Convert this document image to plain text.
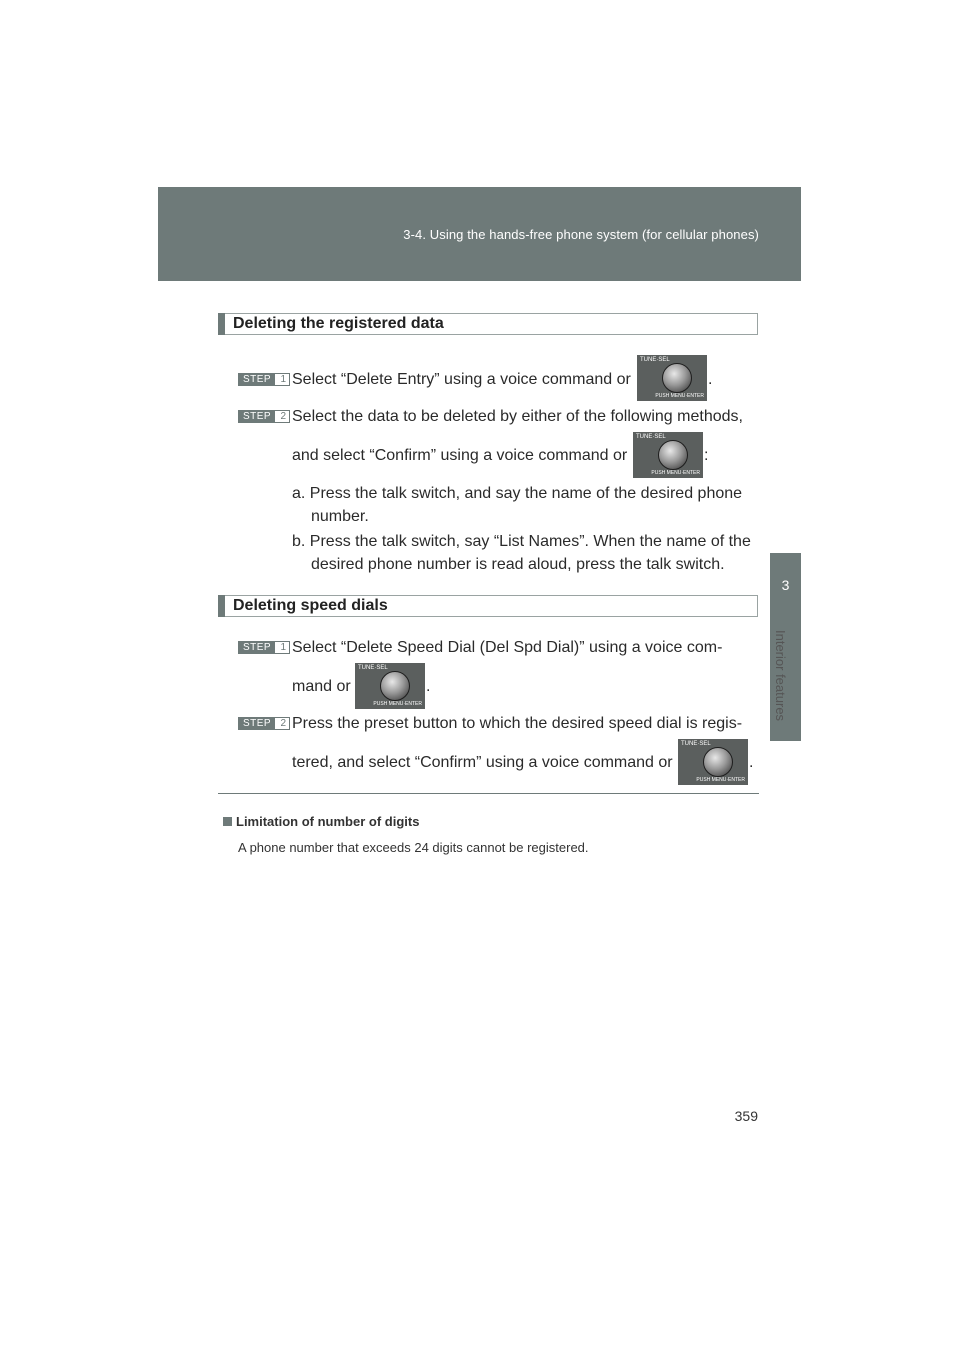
3-4. Using the hands-free phone system (for cellular phones)
3
Interior features
Deleting the registered data
STEP 1 Select “Delete Entry” using a voice command or
TUNE·SEL
PUSH MENU·ENTER
.
STEP 2 Select the data to be deleted by either of the following methods,
and select “Confirm” using a voice command or
TUNE·SEL
PUSH MENU·ENTER
:
a. Press the talk switch, and say the name of the desired phone
number.
b. Press the talk switch, say “List Names”. When the name of the
desired phone number is read aloud, press the talk switch.
Deleting speed dials
STEP 1 Select “Delete Speed Dial (Del Spd Dial)” using a voice com-
mand or
TUNE·SEL
PUSH MENU·ENTER
.
STEP 2 Press the preset button to which the desired speed dial is regis-
tered, and select “Confirm” using a voice command or
TUNE·SEL
PUSH MENU·ENTER
.
Limitation of number of digits
A phone number that exceeds 24 digits cannot be registered.
359
